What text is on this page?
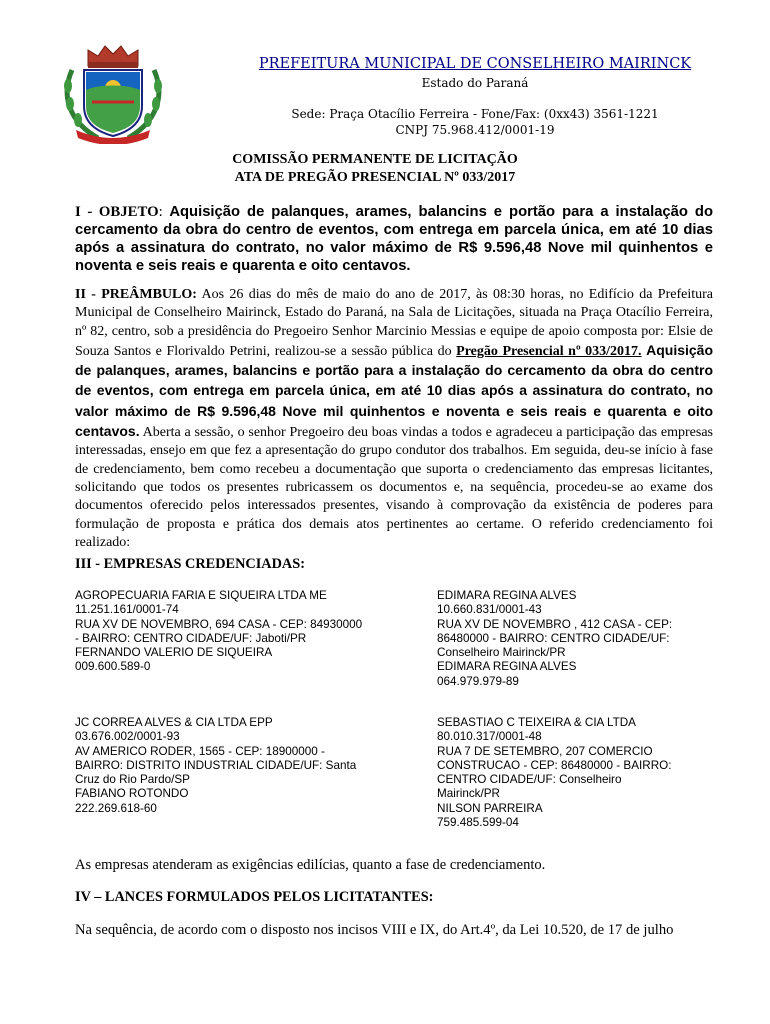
PREFEITURA MUNICIPAL DE CONSELHEIRO MAIRINCK
Estado do Paraná
Sede: Praça Otacílio Ferreira - Fone/Fax: (0xx43) 3561-1221
CNPJ 75.968.412/0001-19
COMISSÃO PERMANENTE DE LICITAÇÃO
ATA DE PREGÃO PRESENCIAL Nº 033/2017
I - OBJETO: Aquisição de palanques, arames, balancins e portão para a instalação do cercamento da obra do centro de eventos, com entrega em parcela única, em até 10 dias após a assinatura do contrato, no valor máximo de R$ 9.596,48 Nove mil quinhentos e noventa e seis reais e quarenta e oito centavos.
II - PREÂMBULO: Aos 26 dias do mês de maio do ano de 2017, às 08:30 horas, no Edifício da Prefeitura Municipal de Conselheiro Mairinck, Estado do Paraná, na Sala de Licitações, situada na Praça Otacílio Ferreira, nº 82, centro, sob a presidência do Pregoeiro Senhor Marcinio Messias e equipe de apoio composta por: Elsie de Souza Santos e Florivaldo Petrini, realizou-se a sessão pública do Pregão Presencial nº 033/2017. Aquisição de palanques, arames, balancins e portão para a instalação do cercamento da obra do centro de eventos, com entrega em parcela única, em até 10 dias após a assinatura do contrato, no valor máximo de R$ 9.596,48 Nove mil quinhentos e noventa e seis reais e quarenta e oito centavos. Aberta a sessão, o senhor Pregoeiro deu boas vindas a todos e agradeceu a participação das empresas interessadas, ensejo em que fez a apresentação do grupo condutor dos trabalhos. Em seguida, deu-se início à fase de credenciamento, bem como recebeu a documentação que suporta o credenciamento das empresas licitantes, solicitando que todos os presentes rubricassem os documentos e, na sequência, procedeu-se ao exame dos documentos oferecido pelos interessados presentes, visando à comprovação da existência de poderes para formulação de proposta e prática dos demais atos pertinentes ao certame. O referido credenciamento foi realizado:
III - EMPRESAS CREDENCIADAS:
AGROPECUARIA FARIA E SIQUEIRA LTDA ME
11.251.161/0001-74
RUA XV DE NOVEMBRO, 694 CASA - CEP: 84930000
- BAIRRO: CENTRO CIDADE/UF: Jaboti/PR
FERNANDO VALERIO DE SIQUEIRA
009.600.589-0
EDIMARA REGINA ALVES
10.660.831/0001-43
RUA XV DE NOVEMBRO , 412 CASA - CEP:
86480000 - BAIRRO: CENTRO CIDADE/UF:
Conselheiro Mairinck/PR
EDIMARA REGINA ALVES
064.979.979-89
JC CORREA ALVES & CIA LTDA EPP
03.676.002/0001-93
AV AMERICO RODER, 1565 - CEP: 18900000 -
BAIRRO: DISTRITO INDUSTRIAL CIDADE/UF: Santa
Cruz do Rio Pardo/SP
FABIANO ROTONDO
222.269.618-60
SEBASTIAO C TEIXEIRA & CIA LTDA
80.010.317/0001-48
RUA 7 DE SETEMBRO, 207 COMERCIO
CONSTRUCAO - CEP: 86480000 - BAIRRO:
CENTRO CIDADE/UF: Conselheiro
Mairinck/PR
NILSON PARREIRA
759.485.599-04
As empresas atenderam as exigências edilícias, quanto a fase de credenciamento.
IV – LANCES FORMULADOS PELOS LICITATANTES:
Na sequência, de acordo com o disposto nos incisos VIII e IX, do Art.4º, da Lei 10.520, de 17 de julho
